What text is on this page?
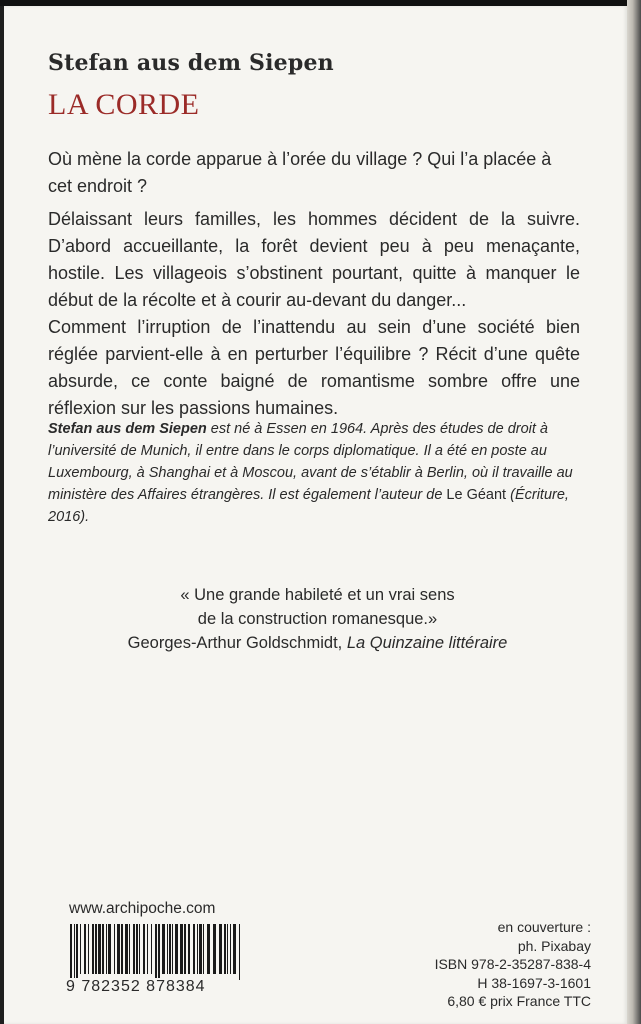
Stefan aus dem Siepen
LA CORDE

Où mène la corde apparue à l’orée du village ? Qui l’a placée à cet endroit ?

Délaissant leurs familles, les hommes décident de la suivre. D’abord accueillante, la forêt devient peu à peu menaçante, hostile. Les villageois s’obstinent pourtant, quitte à manquer le début de la récolte et à courir au-devant du danger...

Comment l’irruption de l’inattendu au sein d’une société bien réglée parvient-elle à en perturber l’équilibre ? Récit d’une quête absurde, ce conte baigné de romantisme sombre offre une réflexion sur les passions humaines.

Stefan aus dem Siepen est né à Essen en 1964. Après des études de droit à l’université de Munich, il entre dans le corps diplomatique. Il a été en poste au Luxembourg, à Shanghai et à Moscou, avant de s’établir à Berlin, où il travaille au ministère des Affaires étrangères. Il est également l’auteur de Le Géant (Écriture, 2016).

« Une grande habileté et un vrai sens
de la construction romanesque.»
Georges-Arthur Goldschmidt, La Quinzaine littéraire
www.archipoche.com
9 782352 878384
en couverture :
ph. Pixabay
ISBN 978-2-35287-838-4
H 38-1697-3-1601
6,80 € prix France TTC
